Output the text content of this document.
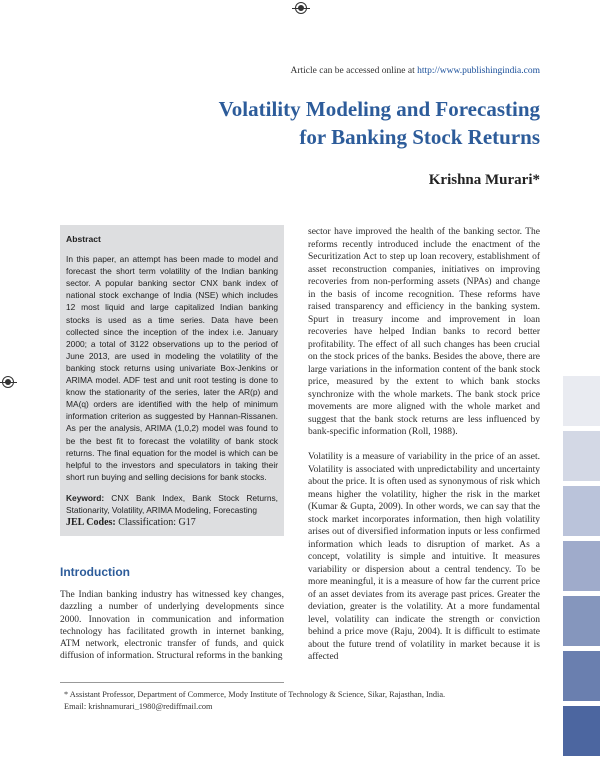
Article can be accessed online at http://www.publishingindia.com
Volatility Modeling and Forecasting
for Banking Stock Returns
Krishna Murari*
Abstract
In this paper, an attempt has been made to model and forecast the short term volatility of the Indian banking sector. A popular banking sector CNX bank index of national stock exchange of India (NSE) which includes 12 most liquid and large capitalized Indian banking stocks is used as a time series. Data have been collected since the inception of the index i.e. January 2000; a total of 3122 observations up to the period of June 2013, are used in modeling the volatility of the banking stock returns using univariate Box-Jenkins or ARIMA model. ADF test and unit root testing is done to know the stationarity of the series, later the AR(p) and MA(q) orders are identified with the help of minimum information criterion as suggested by Hannan-Rissanen. As per the analysis, ARIMA (1,0,2) model was found to be the best fit to forecast the volatility of bank stock returns. The final equation for the model is which can be helpful to the investors and speculators in taking their short run buying and selling decisions for bank stocks.
Keyword: CNX Bank Index, Bank Stock Returns, Stationarity, Volatility, ARIMA Modeling, Forecasting
JEL Codes: Classification: G17
Introduction
The Indian banking industry has witnessed key changes, dazzling a number of underlying developments since 2000. Innovation in communication and information technology has facilitated growth in internet banking, ATM network, electronic transfer of funds, and quick diffusion of information. Structural reforms in the banking
sector have improved the health of the banking sector. The reforms recently introduced include the enactment of the Securitization Act to step up loan recovery, establishment of asset reconstruction companies, initiatives on improving recoveries from non-performing assets (NPAs) and change in the basis of income recognition. These reforms have raised transparency and efficiency in the banking system. Spurt in treasury income and improvement in loan recoveries have helped Indian banks to record better profitability. The effect of all such changes has been crucial on the stock prices of the banks. Besides the above, there are large variations in the information content of the bank stock price, measured by the extent to which bank stocks synchronize with the whole markets. The bank stock price movements are more aligned with the whole market and suggest that the bank stock returns are less influenced by bank-specific information (Roll, 1988).
Volatility is a measure of variability in the price of an asset. Volatility is associated with unpredictability and uncertainty about the price. It is often used as synonymous of risk which means higher the volatility, higher the risk in the market (Kumar & Gupta, 2009). In other words, we can say that the stock market incorporates information, then high volatility arises out of diversified information inputs or less confirmed information which leads to disruption of market. As a concept, volatility is simple and intuitive. It measures variability or dispersion about a central tendency. To be more meaningful, it is a measure of how far the current price of an asset deviates from its average past prices. Greater the deviation, greater is the volatility. At a more fundamental level, volatility can indicate the strength or conviction behind a price move (Raju, 2004). It is difficult to estimate about the future trend of volatility in market because it is affected
* Assistant Professor, Department of Commerce, Mody Institute of Technology & Science, Sikar, Rajasthan, India.
Email: krishnamurari_1980@rediffmail.com
